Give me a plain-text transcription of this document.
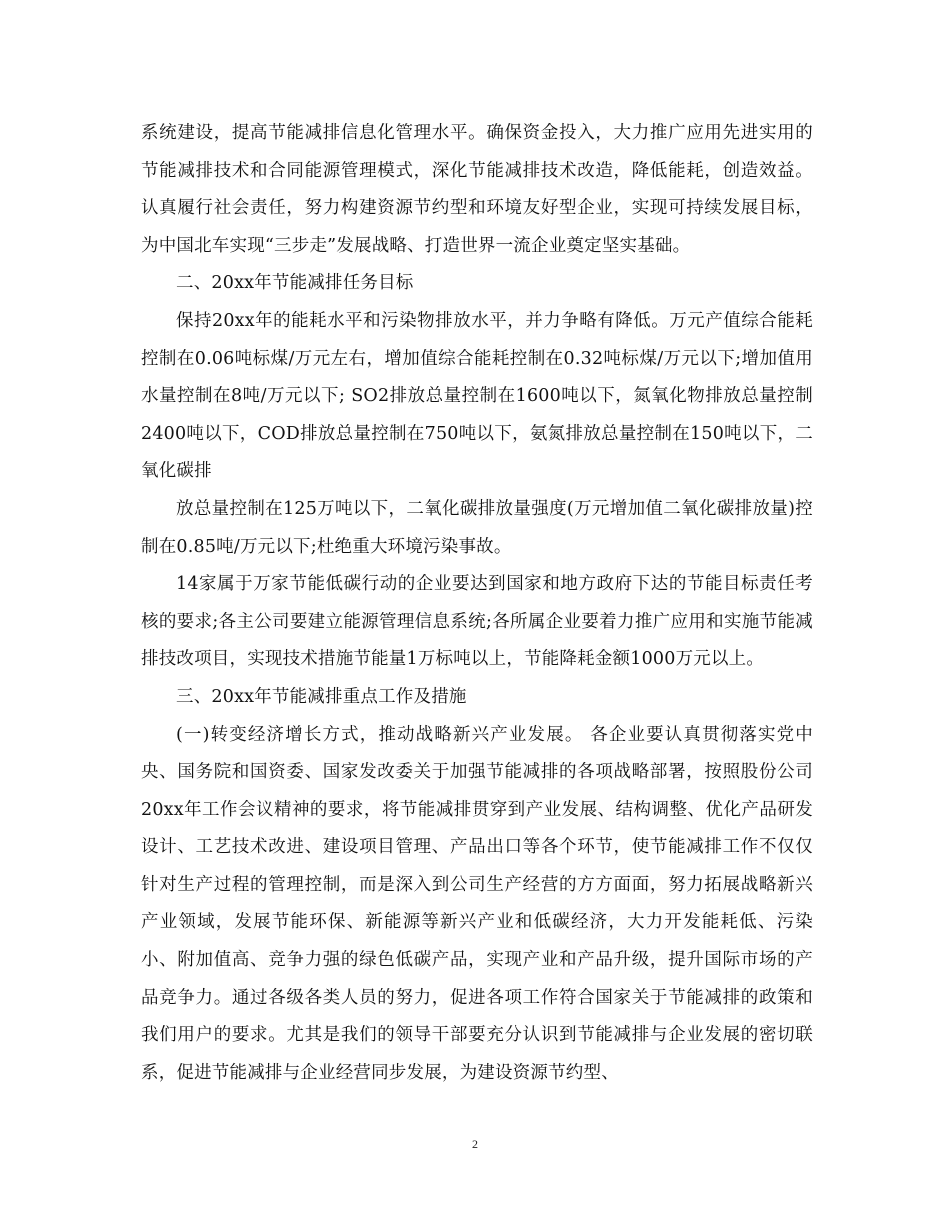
系统建设，提高节能减排信息化管理水平。确保资金投入，大力推广应用先进实用的节能减排技术和合同能源管理模式，深化节能减排技术改造，降低能耗，创造效益。认真履行社会责任，努力构建资源节约型和环境友好型企业，实现可持续发展目标，为中国北车实现“三步走”发展战略、打造世界一流企业奠定坚实基础。

二、20xx年节能减排任务目标

保持20xx年的能耗水平和污染物排放水平，并力争略有降低。万元产值综合能耗控制在0.06吨标煤/万元左右，增加值综合能耗控制在0.32吨标煤/万元以下;增加值用水量控制在8吨/万元以下; SO2排放总量控制在1600吨以下，氮氧化物排放总量控制2400吨以下，COD排放总量控制在750吨以下，氨氮排放总量控制在150吨以下，二氧化碳排

放总量控制在125万吨以下，二氧化碳排放量强度(万元增加值二氧化碳排放量)控制在0.85吨/万元以下;杜绝重大环境污染事故。

14家属于万家节能低碳行动的企业要达到国家和地方政府下达的节能目标责任考核的要求;各主公司要建立能源管理信息系统;各所属企业要着力推广应用和实施节能减排技改项目，实现技术措施节能量1万标吨以上，节能降耗金额1000万元以上。

三、20xx年节能减排重点工作及措施

(一)转变经济增长方式，推动战略新兴产业发展。 各企业要认真贯彻落实党中央、国务院和国资委、国家发改委关于加强节能减排的各项战略部署，按照股份公司20xx年工作会议精神的要求，将节能减排贯穿到产业发展、结构调整、优化产品研发设计、工艺技术改进、建设项目管理、产品出口等各个环节，使节能减排工作不仅仅针对生产过程的管理控制，而是深入到公司生产经营的方方面面，努力拓展战略新兴产业领域，发展节能环保、新能源等新兴产业和低碳经济，大力开发能耗低、污染小、附加值高、竞争力强的绿色低碳产品，实现产业和产品升级，提升国际市场的产品竞争力。通过各级各类人员的努力，促进各项工作符合国家关于节能减排的政策和我们用户的要求。尤其是我们的领导干部要充分认识到节能减排与企业发展的密切联系，促进节能减排与企业经营同步发展，为建设资源节约型、

2
